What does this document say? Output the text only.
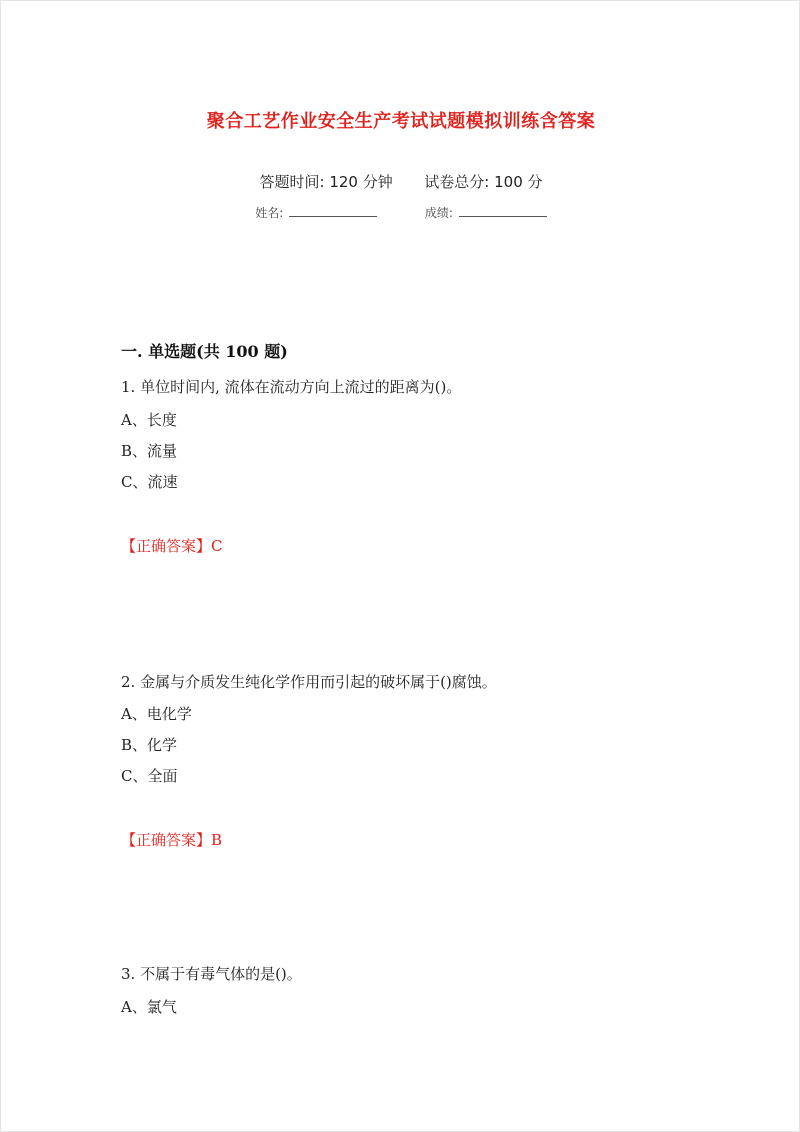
聚合工艺作业安全生产考试试题模拟训练含答案
答题时间: 120 分钟 试卷总分: 100 分
姓名:	成绩:
一. 单选题(共 100 题)
1. 单位时间内, 流体在流动方向上流过的距离为()。
A、长度
B、流量
C、流速
【正确答案】C
2. 金属与介质发生纯化学作用而引起的破坏属于()腐蚀。
A、电化学
B、化学
C、全面
【正确答案】B
3. 不属于有毒气体的是()。
A、氯气
